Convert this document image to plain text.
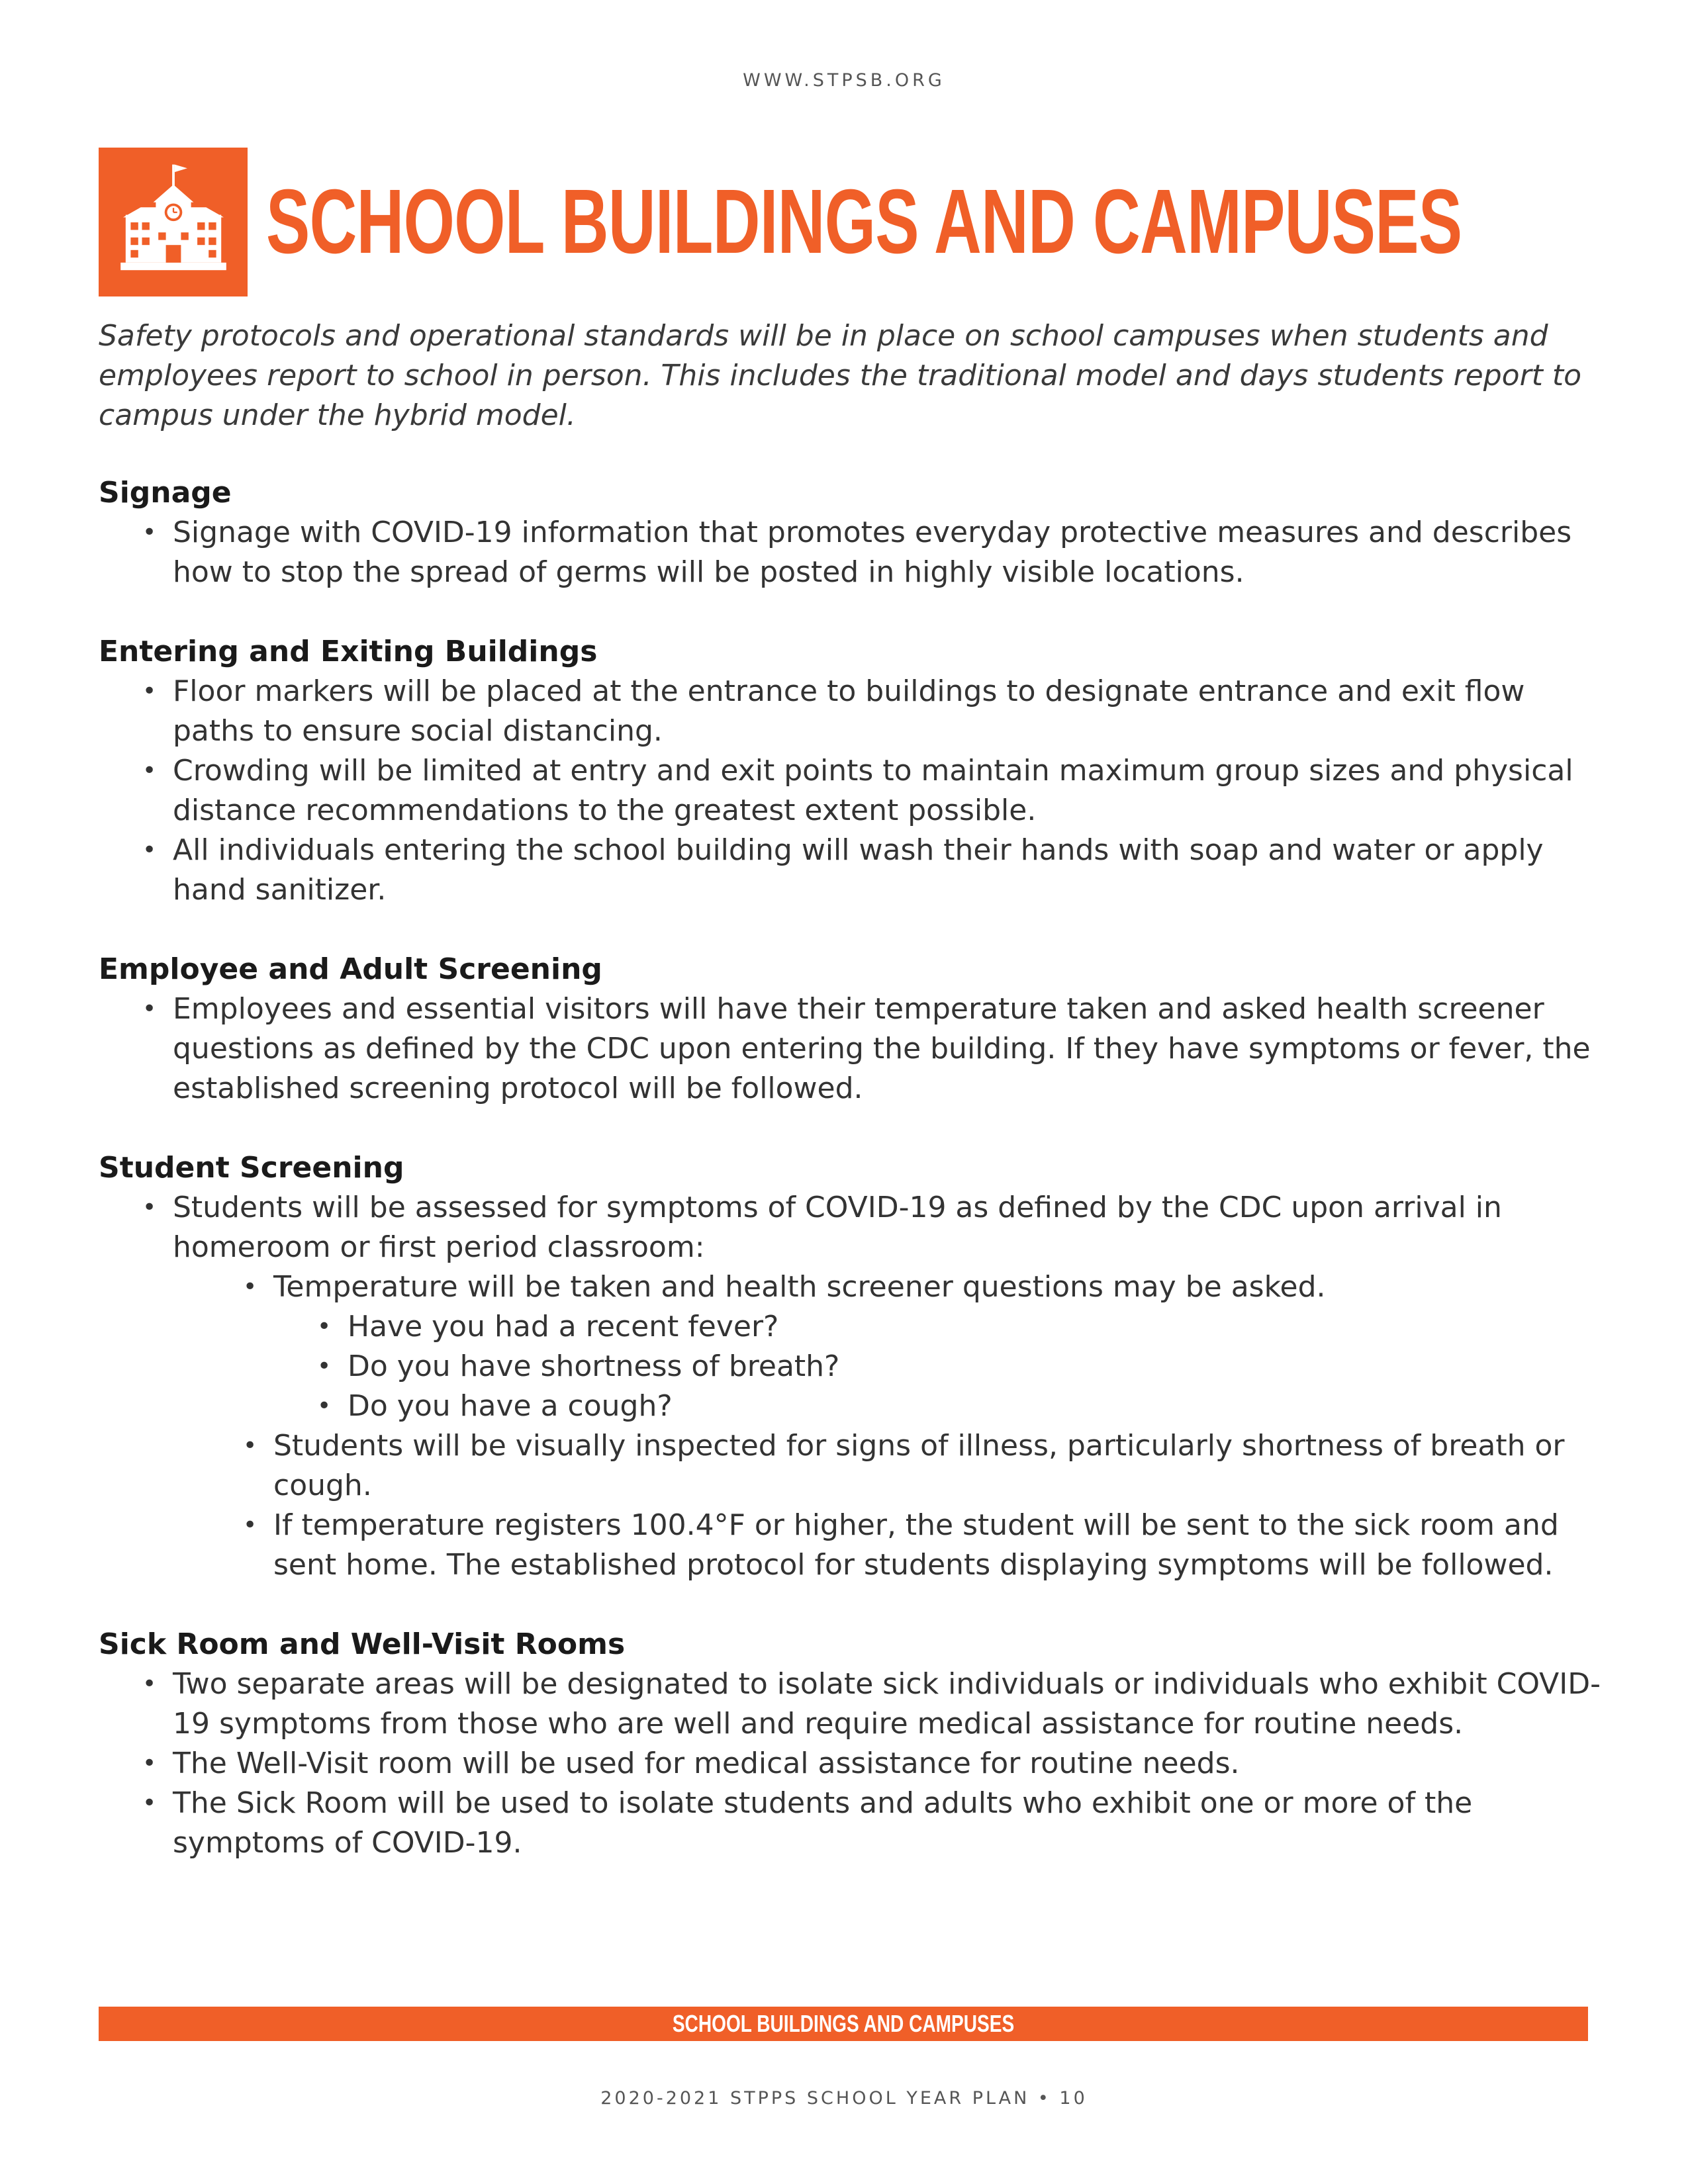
WWW.STPSB.ORG
SCHOOL BUILDINGS AND CAMPUSES

Safety protocols and operational standards will be in place on school campuses when students and employees report to school in person. This includes the traditional model and days students report to campus under the hybrid model.

Signage
• Signage with COVID-19 information that promotes everyday protective measures and describes how to stop the spread of germs will be posted in highly visible locations.
Entering and Exiting Buildings
• Floor markers will be placed at the entrance to buildings to designate entrance and exit flow paths to ensure social distancing.
• Crowding will be limited at entry and exit points to maintain maximum group sizes and physical distance recommendations to the greatest extent possible.
• All individuals entering the school building will wash their hands with soap and water or apply hand sanitizer.
Employee and Adult Screening
• Employees and essential visitors will have their temperature taken and asked health screener questions as defined by the CDC upon entering the building. If they have symptoms or fever, the established screening protocol will be followed.
Student Screening
• Students will be assessed for symptoms of COVID-19 as defined by the CDC upon arrival in homeroom or first period classroom:
• Temperature will be taken and health screener questions may be asked.
• Have you had a recent fever?
• Do you have shortness of breath?
• Do you have a cough?
• Students will be visually inspected for signs of illness, particularly shortness of breath or cough.
• If temperature registers 100.4°F or higher, the student will be sent to the sick room and sent home. The established protocol for students displaying symptoms will be followed.
Sick Room and Well-Visit Rooms
• Two separate areas will be designated to isolate sick individuals or individuals who exhibit COVID-19 symptoms from those who are well and require medical assistance for routine needs.
• The Well-Visit room will be used for medical assistance for routine needs.
• The Sick Room will be used to isolate students and adults who exhibit one or more of the symptoms of COVID-19.
SCHOOL BUILDINGS AND CAMPUSES
2020-2021 STPPS SCHOOL YEAR PLAN • 10
